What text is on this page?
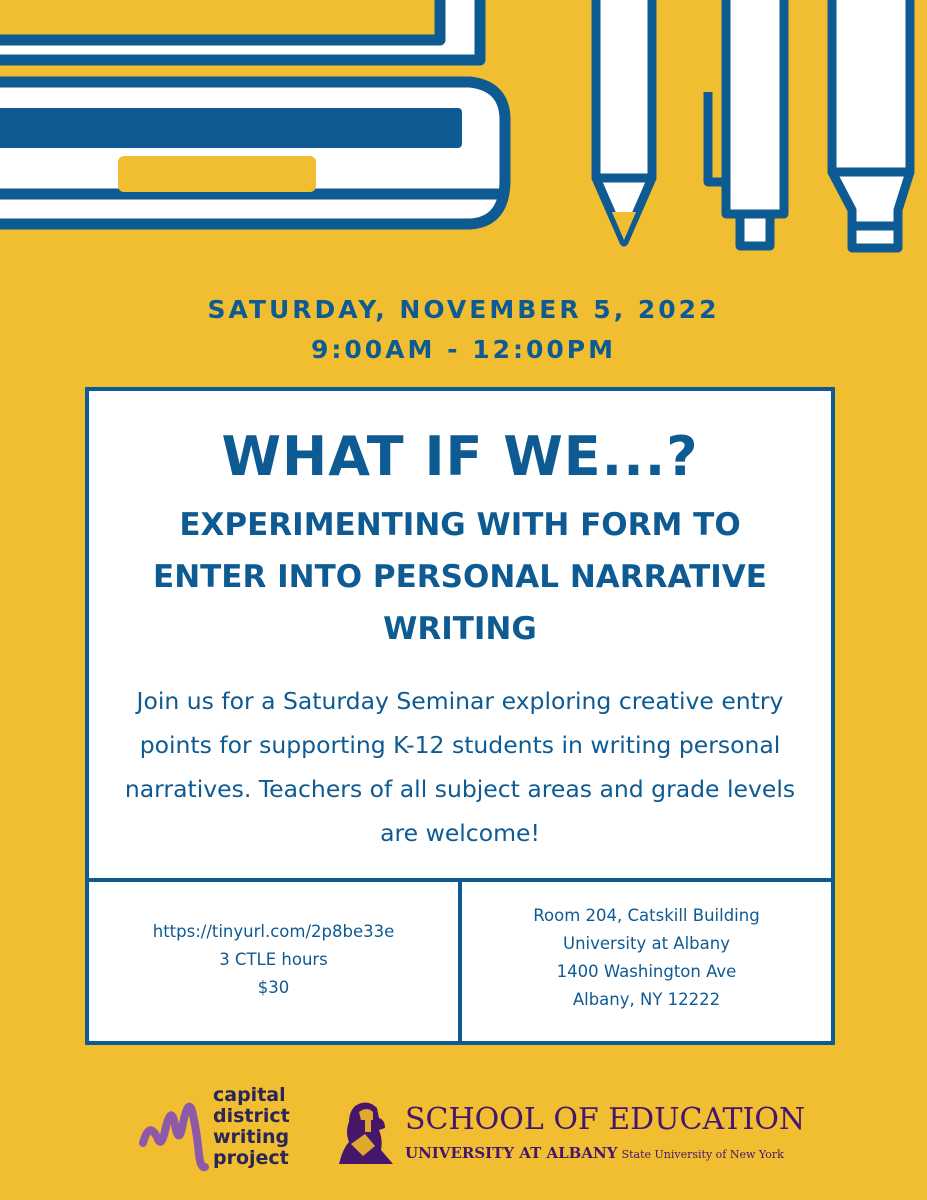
SATURDAY, NOVEMBER 5, 2022
9:00AM - 12:00PM
WHAT IF WE...?
EXPERIMENTING WITH FORM TO ENTER INTO PERSONAL NARRATIVE WRITING
Join us for a Saturday Seminar exploring creative entry points for supporting K-12 students in writing personal narratives. Teachers of all subject areas and grade levels are welcome!
https://tinyurl.com/2p8be33e
3 CTLE hours
$30
Room 204, Catskill Building
University at Albany
1400 Washington Ave
Albany, NY 12222
capital
district
writing
project
SCHOOL OF EDUCATION
UNIVERSITY AT ALBANY State University of New York
